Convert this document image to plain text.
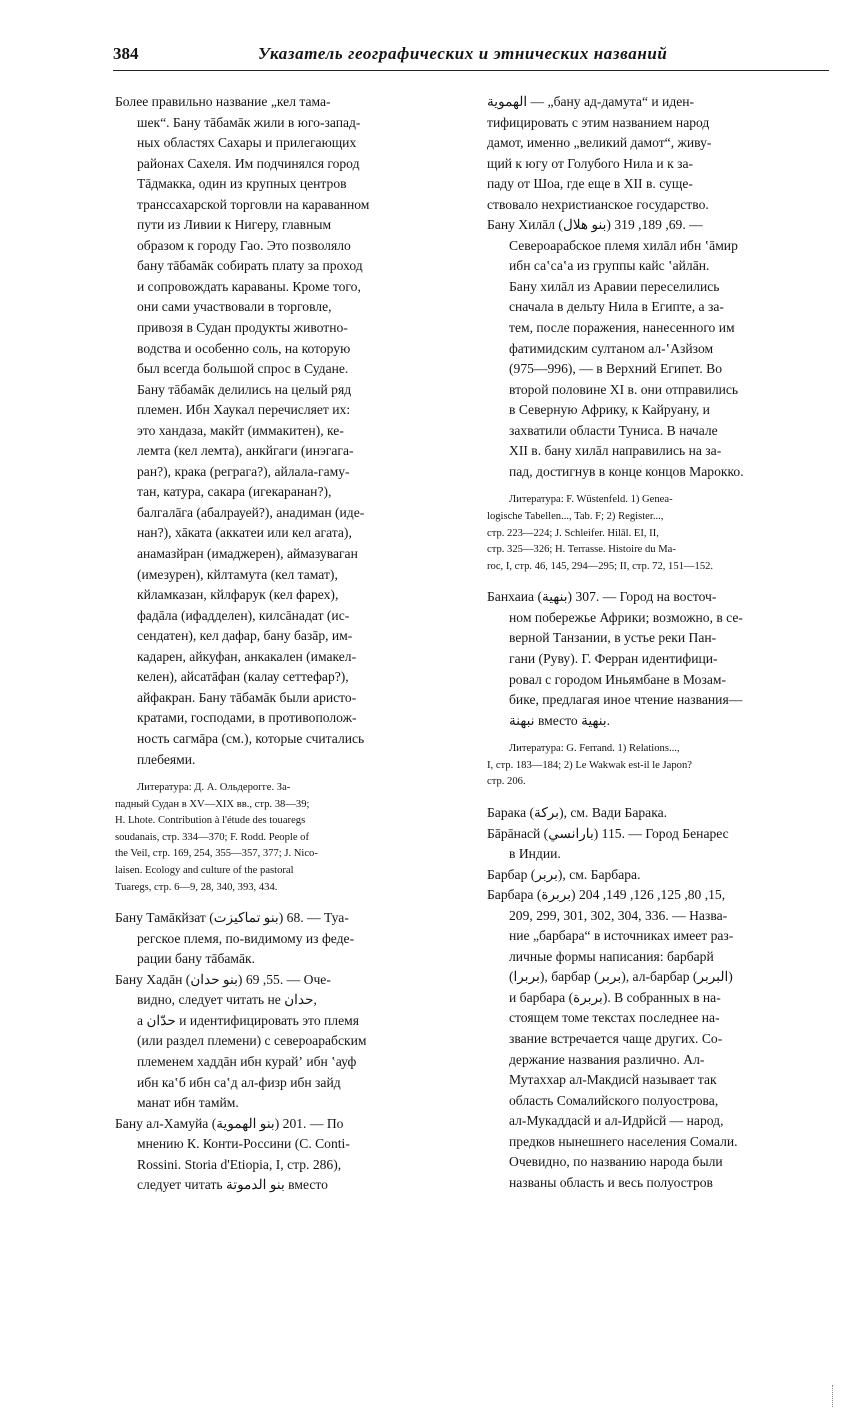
384	Указатель географических и этнических названий
Более правильно название „кел тама-
шек“. Бану тāбамāк жили в юго-запад-
ных областях Сахары и прилегающих
районах Сахеля. Им подчинялся город
Тāдмакка, один из крупных центров
транссахарской торговли на караванном
пути из Ливии к Нигеру, главным
образом к городу Гао. Это позволяло
бану тāбамāк собирать плату за проход
и сопровождать караваны. Кроме того,
они сами участвовали в торговле,
привозя в Судан продукты животно-
водства и особенно соль, на которую
был всегда большой спрос в Судане.
Бану тāбамāк делились на целый ряд
племен. Ибн Хаукал перечисляет их:
это хандаза, макйт (иммакитен), ке-
лемта (кел лемта), анкйгаги (инэгага-
ран?), крака (реграга?), айлала-гаму-
тан, катура, сакара (игекаранан?),
балгалāга (абалрауей?), анадиман (иде-
нан?), хāката (аккатеи или кел агата),
анамазйран (имаджерен), аймазуваган
(имезурен), кйлтамута (кел тамат),
кйламказан, кйлфарук (кел фарех),
фадāла (ифадделен), килсāнадат (ис-
сендатен), кел дафар, бану базāр, им-
кадарен, айкуфан, анкакален (имакел-
келен), айсатāфан (калау сеттефар?),
айфакран. Бану тāбамāк были аристо-
кратами, господами, в противополож-
ность сагмāра (см.), которые считались
плебеями.
Литература: Д. А. Ольдерогге. За-
падный Судан в XV—XIX вв., стр. 38—39;
H. Lhote. Contribution à l'étude des touaregs
soudanais, стр. 334—370; F. Rodd. People of
the Veil, стр. 169, 254, 355—357, 377; J. Nico-
laisen. Ecology and culture of the pastoral
Tuaregs, стр. 6—9, 28, 340, 393, 434.
Бану Тамāкйзат (بنو تماكيزت) 68. — Туа-
регское племя, по-видимому из феде-
рации бану тāбамāк.
Бану Хадāн (بنو حدان) 55, 69. — Оче-
видно, следует читать не حدان,
а حدّان и идентифицировать это племя
(или раздел племени) с североарабским
племенем хаддāн ибн курайʼ ибн ʽауф
ибн каʽб ибн саʽд ал-физр ибн зайд
манат ибн тамйм.
Бану ал-Хамуйа (بنو الهموية) 201. — По
мнению К. Конти-Россини (C. Conti-
Rossini. Storia d'Etiopia, I, стр. 286),
следует читать بنو الدموتة вместо
الهموية — „бану ад-дамута“ и иден-
тифицировать с этим названием народ
дамот, именно „великий дамот“, живу-
щий к югу от Голубого Нила и к за-
паду от Шоа, где еще в XII в. суще-
ствовало нехристианское государство.
Бану Хилāл (بنو هلال) 69, 189, 319. —
Североарабское племя хилāл ибн ʽāмир
ибн саʽсаʽа из группы кайс ʽайлāн.
Бану хилāл из Аравии переселились
сначала в дельту Нила в Египте, а за-
тем, после поражения, нанесенного им
фатимидским султаном ал-ʽАзйзом
(975—996), — в Верхний Египет. Во
второй половине XI в. они отправились
в Северную Африку, к Кайруану, и
захватили области Туниса. В начале
XII в. бану хилāл направились на за-
пад, достигнув в конце концов Марокко.
Литература: F. Wüstenfeld. 1) Genea-
logische Tabellen..., Tab. F; 2) Register...,
стр. 223—224; J. Schleifer. Hilāl. EI, II,
стр. 325—326; H. Terrasse. Histoire du Ma-
roc, I, стр. 46, 145, 294—295; II, стр. 72, 151—152.
Банхаиа (بنهية) 307. — Город на восточ-
ном побережье Африки; возможно, в се-
верной Танзании, в устье реки Пан-
гани (Руву). Г. Ферран идентифици-
ровал с городом Иньямбане в Мозам-
бике, предлагая иное чтение названия—
نبهنة вместо بنهية.
Литература: G. Ferrand. 1) Relations...,
I, стр. 183—184; 2) Le Wakwak est-il le Japon?
стр. 206.
Барака (بركة), см. Вади Барака.
Бāрāнасй (بارانسي) 115. — Город Бенарес
в Индии.
Барбар (بربر), см. Барбара.
Барбара (بربرة) 15, 80, 125, 126, 149, 204,
209, 299, 301, 302, 304, 336. — Назва-
ние „барбара“ в источниках имеет раз-
личные формы написания: барбарй
(بربرا), барбар (بربر), ал-барбар (البربر)
и барбара (بربرة). В собранных в на-
стоящем томе текстах последнее на-
звание встречается чаще других. Со-
держание названия различно. Ал-
Мутаххар ал-Макдисй называет так
область Сомалийского полуострова,
ал-Мукаддасй и ал-Идрйсй — народ,
предков нынешнего населения Сомали.
Очевидно, по названию народа были
названы область и весь полуостров
